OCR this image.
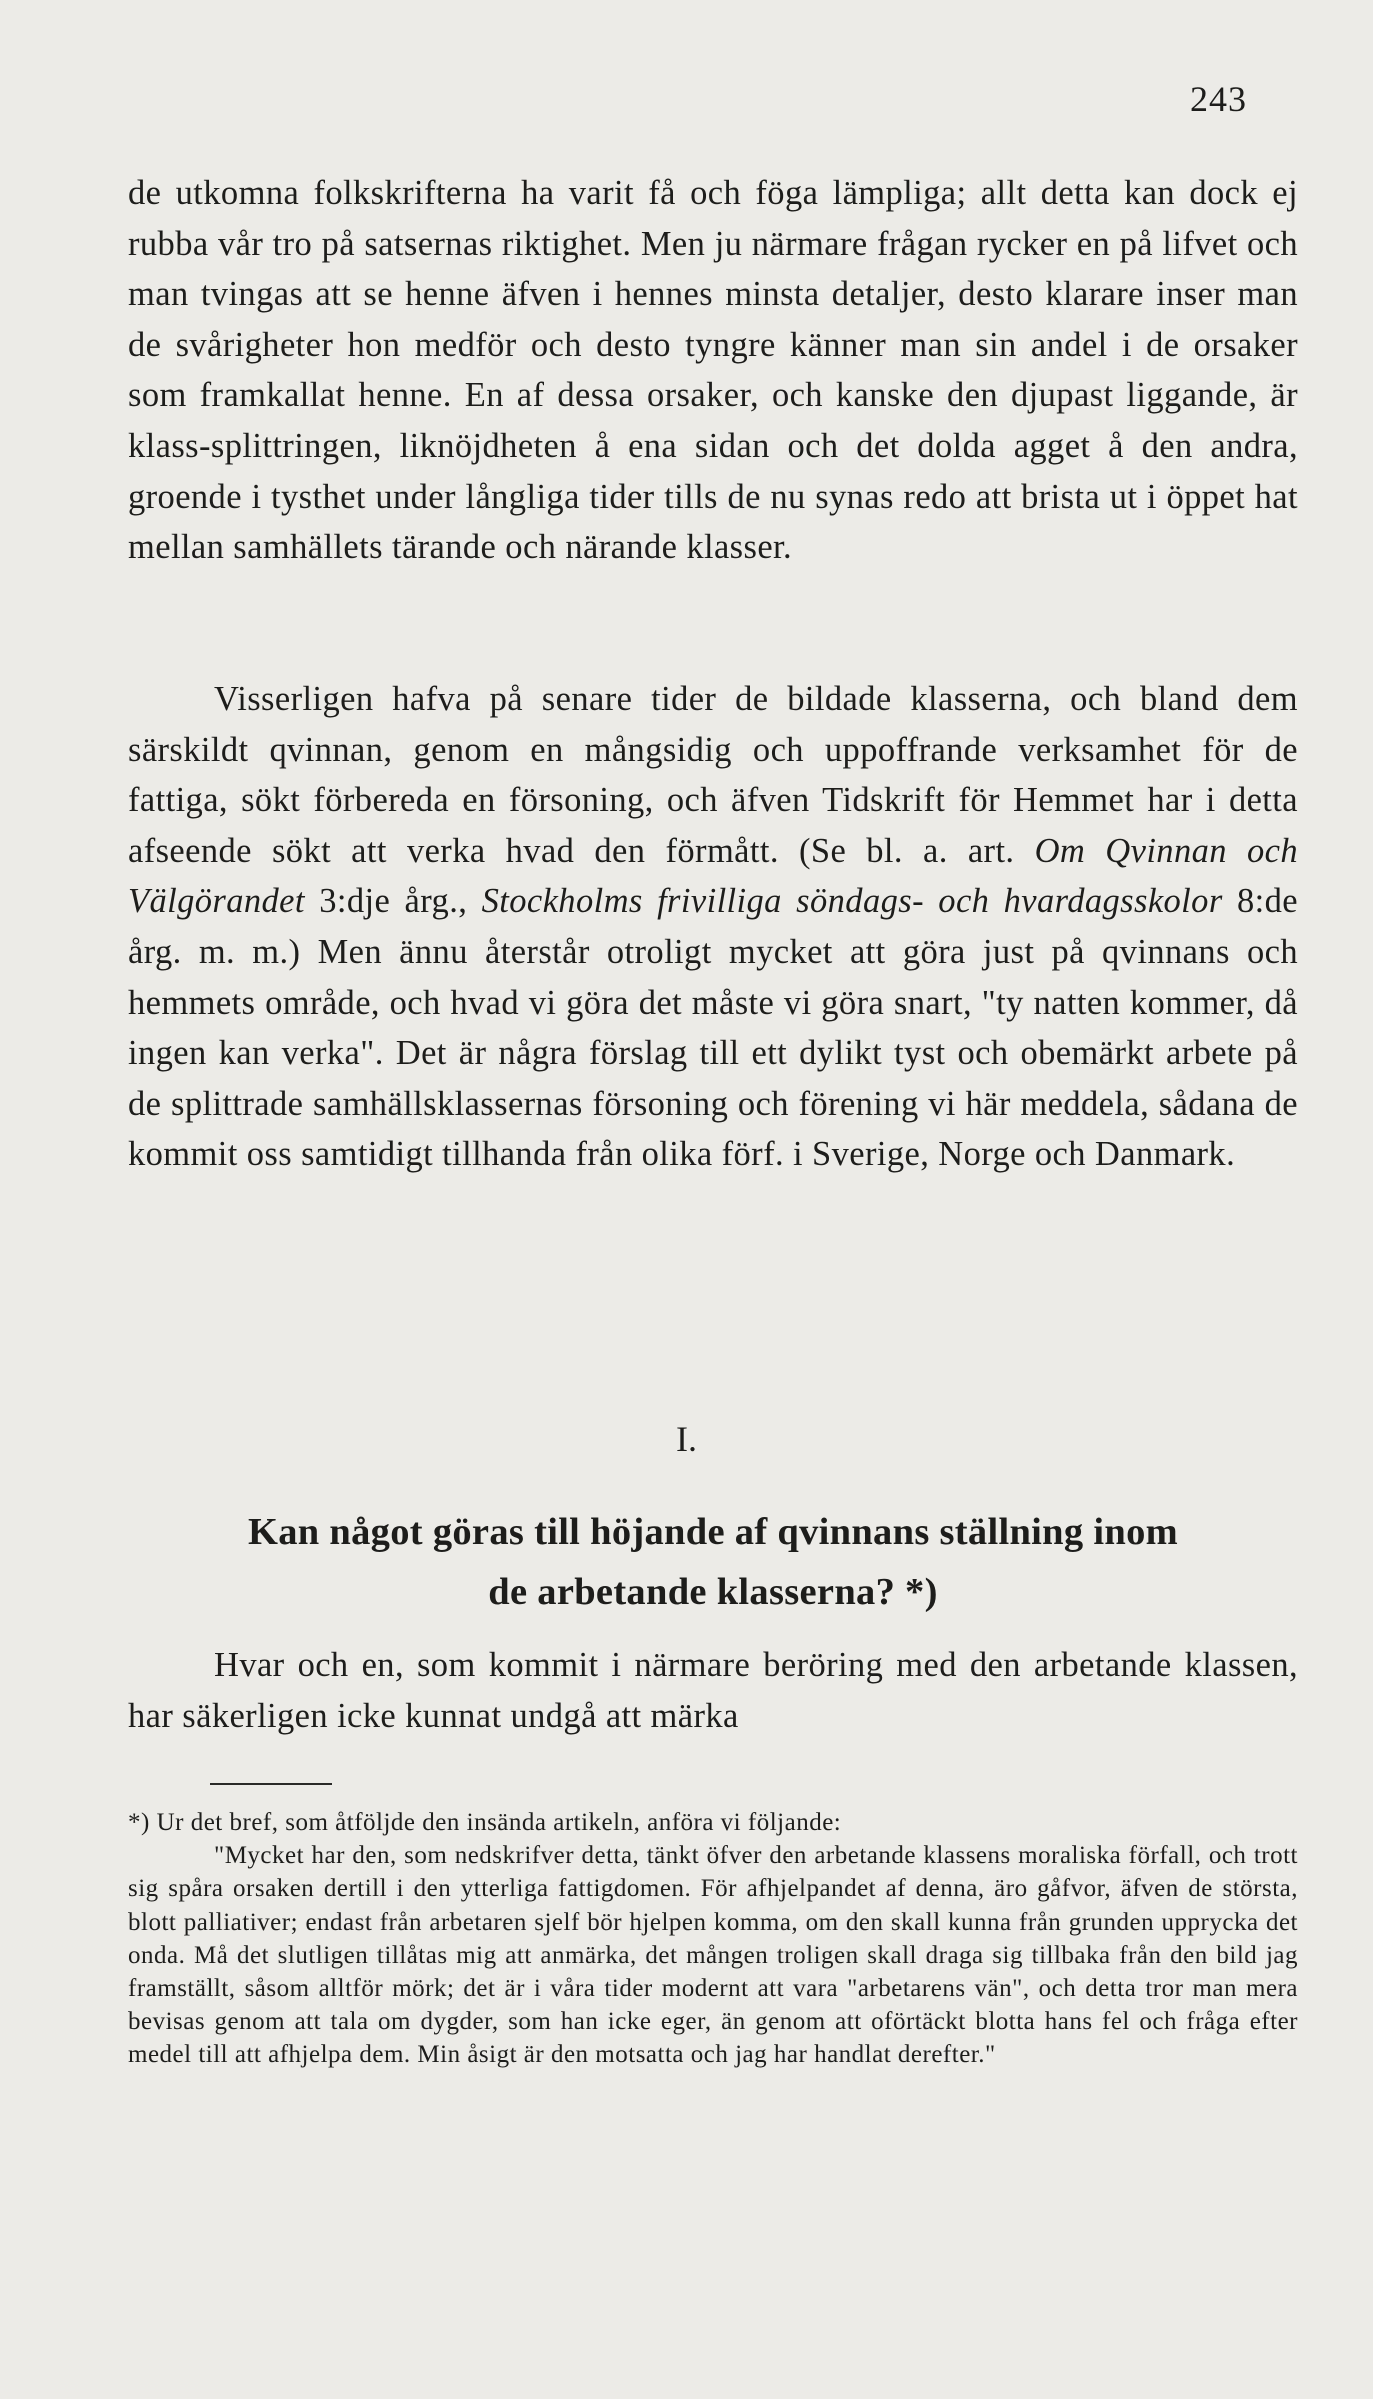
243

de utkomna folkskrifterna ha varit få och föga lämpliga; allt detta kan dock ej rubba vår tro på satsernas riktighet. Men ju närmare frågan rycker en på lifvet och man tvingas att se henne äfven i hennes minsta detaljer, desto klarare inser man de svårigheter hon medför och desto tyngre känner man sin andel i de orsaker som framkallat henne. En af dessa orsaker, och kanske den djupast liggande, är klass-splittringen, liknöjdheten å ena sidan och det dolda agget å den andra, groende i tysthet under långliga tider tills de nu synas redo att brista ut i öppet hat mellan samhällets tärande och närande klasser.

Visserligen hafva på senare tider de bildade klasserna, och bland dem särskildt qvinnan, genom en mångsidig och uppoffrande verksamhet för de fattiga, sökt förbereda en försoning, och äfven Tidskrift för Hemmet har i detta afseende sökt att verka hvad den förmått. (Se bl. a. art. Om Qvinnan och Välgörandet 3:dje årg., Stockholms frivilliga söndags- och hvardagsskolor 8:de årg. m. m.) Men ännu återstår otroligt mycket att göra just på qvinnans och hemmets område, och hvad vi göra det måste vi göra snart, "ty natten kommer, då ingen kan verka". Det är några förslag till ett dylikt tyst och obemärkt arbete på de splittrade samhällsklassernas försoning och förening vi här meddela, sådana de kommit oss samtidigt tillhanda från olika förf. i Sverige, Norge och Danmark.

I.
Kan något göras till höjande af qvinnans ställning inom
de arbetande klasserna? *)

Hvar och en, som kommit i närmare beröring med den arbetande klassen, har säkerligen icke kunnat undgå att märka

*) Ur det bref, som åtföljde den insända artikeln, anföra vi följande:
"Mycket har den, som nedskrifver detta, tänkt öfver den arbetande klassens moraliska förfall, och trott sig spåra orsaken dertill i den ytterliga fattigdomen. För afhjelpandet af denna, äro gåfvor, äfven de största, blott palliativer; endast från arbetaren sjelf bör hjelpen komma, om den skall kunna från grunden upprycka det onda. Må det slutligen tillåtas mig att anmärka, det mången troligen skall draga sig tillbaka från den bild jag framställt, såsom alltför mörk; det är i våra tider modernt att vara "arbetarens vän", och detta tror man mera bevisas genom att tala om dygder, som han icke eger, än genom att oförtäckt blotta hans fel och fråga efter medel till att afhjelpa dem. Min åsigt är den motsatta och jag har handlat derefter."
